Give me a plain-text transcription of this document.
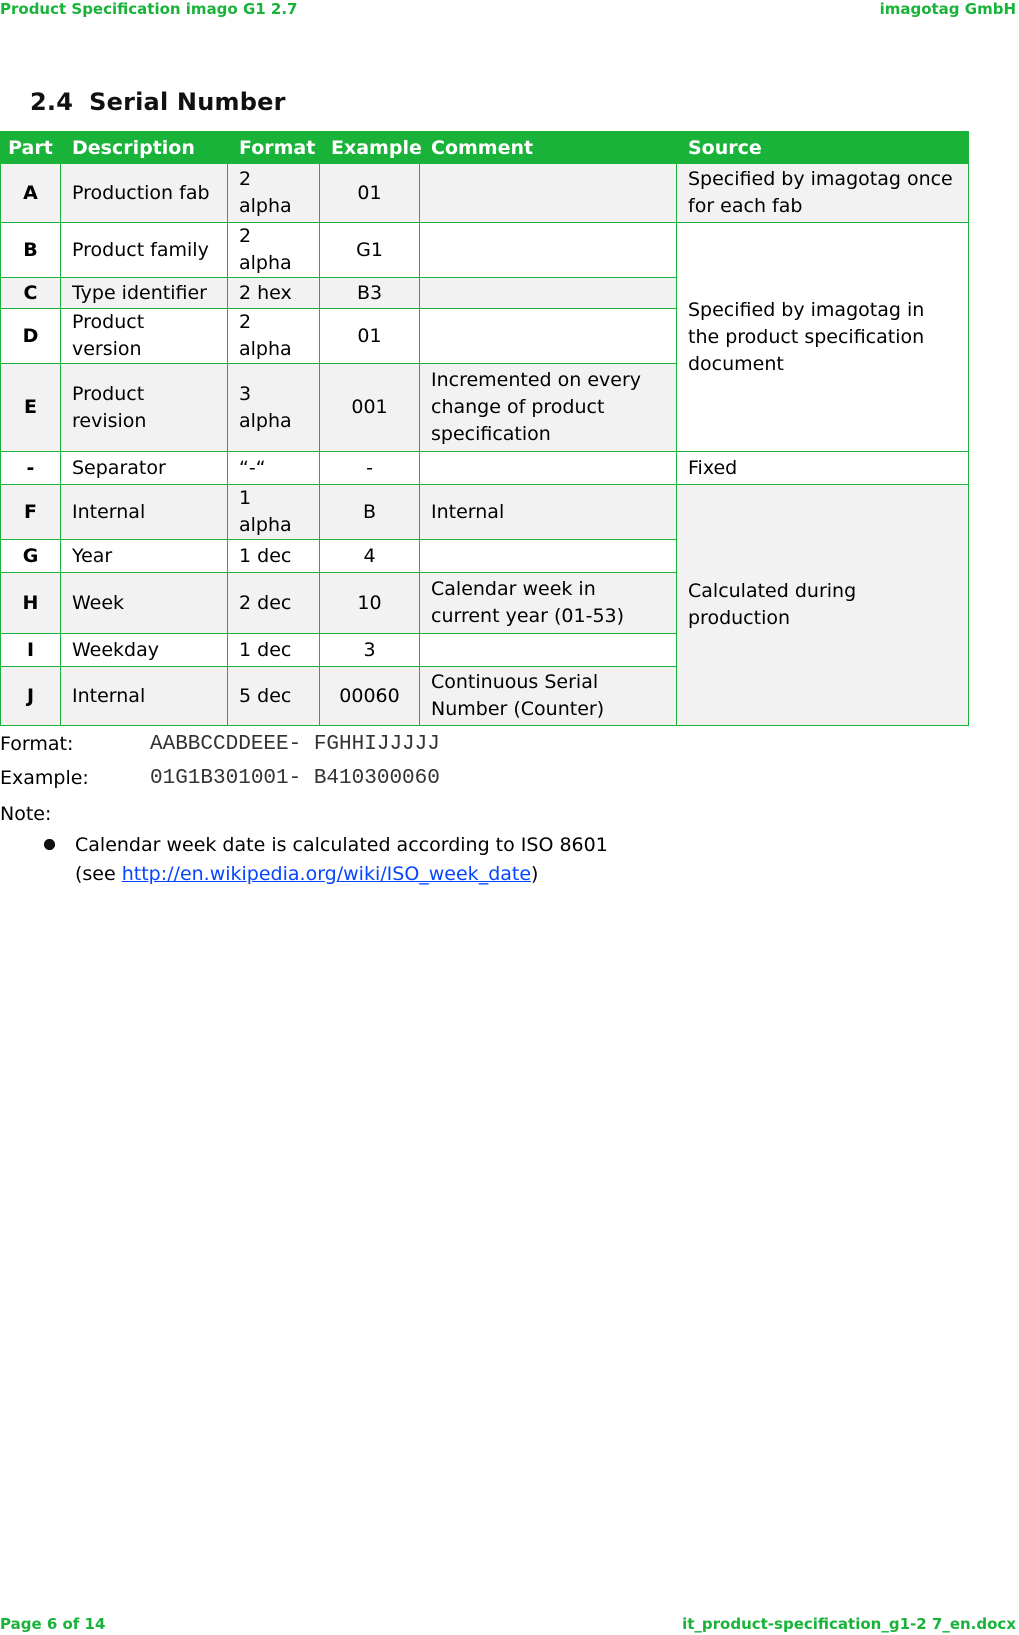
Product Specification imago G1 2.7	imagotag GmbH
2.4 Serial Number
Part	Description	Format	Example	Comment	Source
A	Production fab	2 alpha	01		Specified by imagotag once for each fab
B	Product family	2 alpha	G1		Specified by imagotag in the product specification document
C	Type identifier	2 hex	B3		
D	Product version	2 alpha	01		
E	Product revision	3 alpha	001	Incremented on every change of product specification	
-	Separator	“-“	-		Fixed
F	Internal	1 alpha	B	Internal	Calculated during production
G	Year	1 dec	4		
H	Week	2 dec	10	Calendar week in current year (01-53)	
I	Weekday	1 dec	3		
J	Internal	5 dec	00060	Continuous Serial Number (Counter)	
Format:	AABBCCDDEEE- FGHHIJJJJJ
Example:	01G1B301001- B410300060
Note:
Calendar week date is calculated according to ISO 8601
(see http://en.wikipedia.org/wiki/ISO_week_date)
Page 6 of 14	it_product-specification_g1-2 7_en.docx
